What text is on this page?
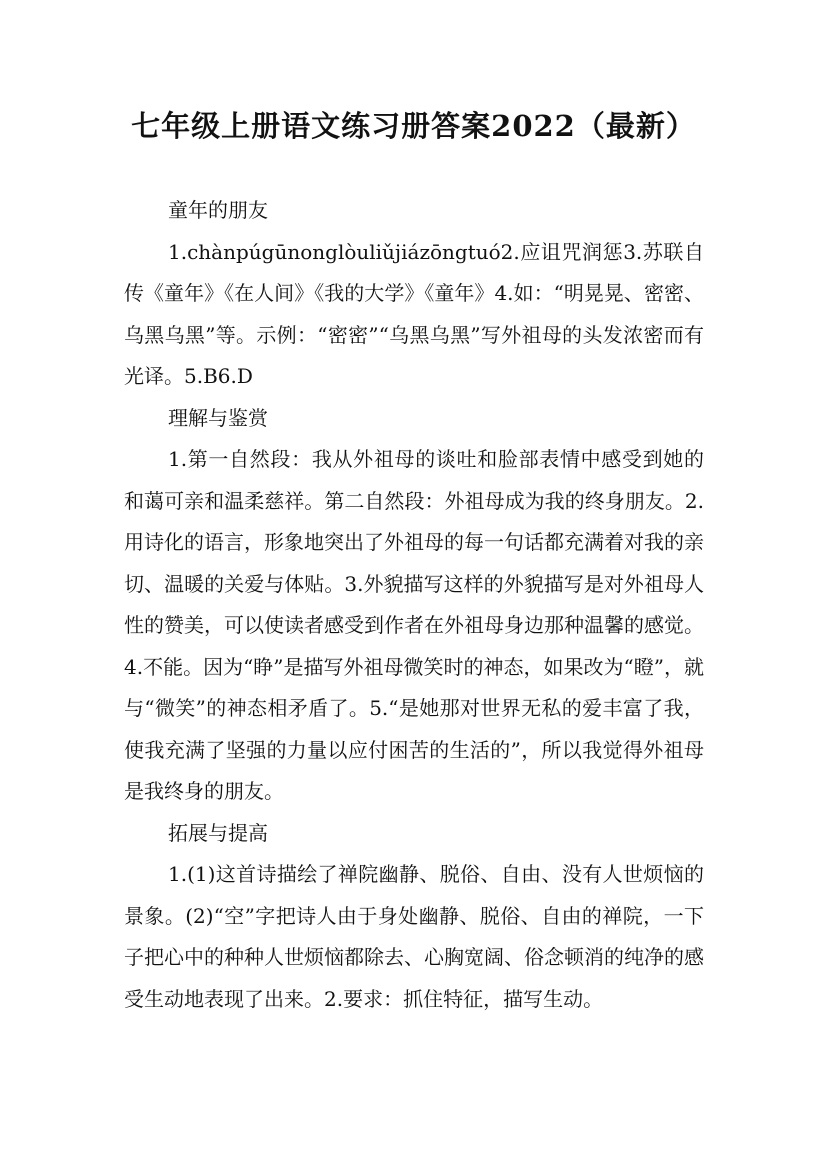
七年级上册语文练习册答案2022（最新）

童年的朋友

1.chànpúgūnonglòuliǔjiázōngtuó2.应诅咒润惩3.苏联自传《童年》《在人间》《我的大学》《童年》4.如：“明晃晃、密密、乌黑乌黑”等。示例：“密密”“乌黑乌黑”写外祖母的头发浓密而有光译。5.B6.D

理解与鉴赏

1.第一自然段：我从外祖母的谈吐和脸部表情中感受到她的和蔼可亲和温柔慈祥。第二自然段：外祖母成为我的终身朋友。2.用诗化的语言，形象地突出了外祖母的每一句话都充满着对我的亲切、温暖的关爱与体贴。3.外貌描写这样的外貌描写是对外祖母人性的赞美，可以使读者感受到作者在外祖母身边那种温馨的感觉。4.不能。因为“睁”是描写外祖母微笑时的神态，如果改为“瞪”，就与“微笑”的神态相矛盾了。5.“是她那对世界无私的爱丰富了我，使我充满了坚强的力量以应付困苦的生活的”，所以我觉得外祖母是我终身的朋友。

拓展与提高

1.(1)这首诗描绘了禅院幽静、脱俗、自由、没有人世烦恼的景象。(2)“空”字把诗人由于身处幽静、脱俗、自由的禅院，一下子把心中的种种人世烦恼都除去、心胸宽阔、俗念顿消的纯净的感受生动地表现了出来。2.要求：抓住特征，描写生动。
